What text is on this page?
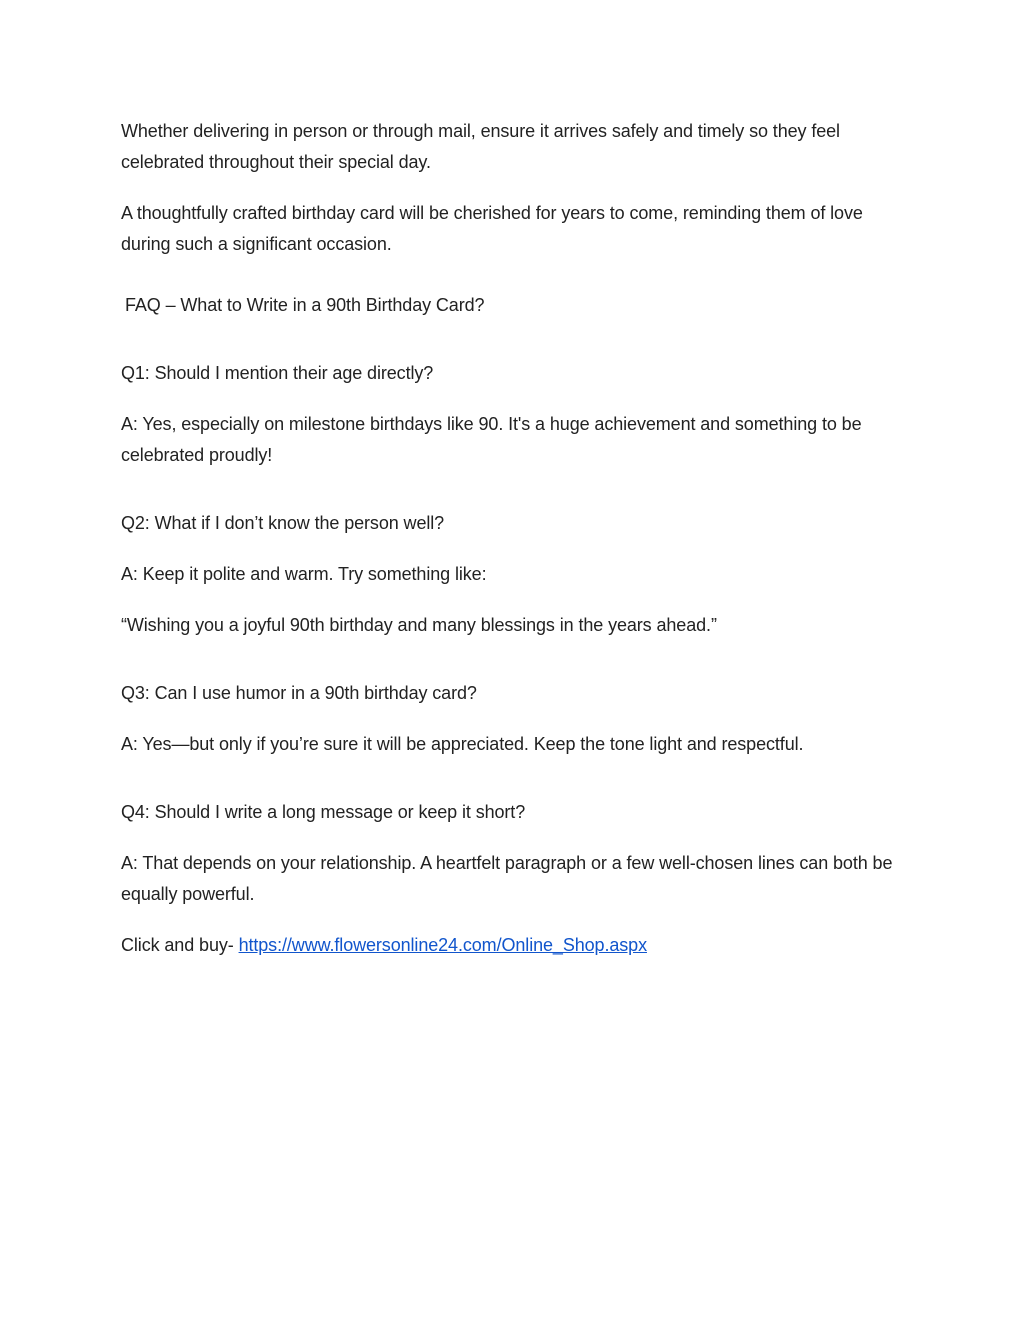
Whether delivering in person or through mail, ensure it arrives safely and timely so they feel celebrated throughout their special day.

A thoughtfully crafted birthday card will be cherished for years to come, reminding them of love during such a significant occasion.

FAQ – What to Write in a 90th Birthday Card?

Q1: Should I mention their age directly?

A: Yes, especially on milestone birthdays like 90. It's a huge achievement and something to be celebrated proudly!

Q2: What if I don’t know the person well?

A: Keep it polite and warm. Try something like:

“Wishing you a joyful 90th birthday and many blessings in the years ahead.”

Q3: Can I use humor in a 90th birthday card?

A: Yes—but only if you’re sure it will be appreciated. Keep the tone light and respectful.

Q4: Should I write a long message or keep it short?

A: That depends on your relationship. A heartfelt paragraph or a few well-chosen lines can both be equally powerful.

Click and buy- https://www.flowersonline24.com/Online_Shop.aspx
